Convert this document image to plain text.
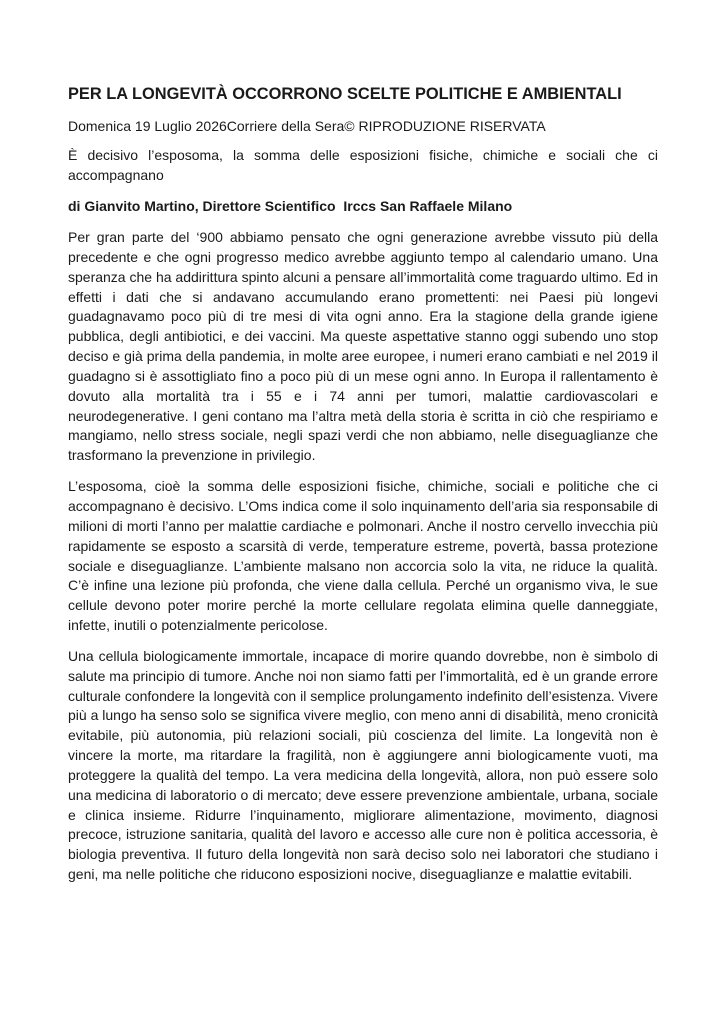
PER LA LONGEVITÀ OCCORRONO SCELTE POLITICHE E AMBIENTALI

Domenica 19 Luglio 2026Corriere della Sera© RIPRODUZIONE RISERVATA

È decisivo l’esposoma, la somma delle esposizioni fisiche, chimiche e sociali che ci accompagnano

di Gianvito Martino, Direttore Scientifico  Irccs San Raffaele Milano

Per gran parte del ‘900 abbiamo pensato che ogni generazione avrebbe vissuto più della precedente e che ogni progresso medico avrebbe aggiunto tempo al calendario umano. Una speranza che ha addirittura spinto alcuni a pensare all’immortalità come traguardo ultimo. Ed in effetti i dati che si andavano accumulando erano promettenti: nei Paesi più longevi guadagnavamo poco più di tre mesi di vita ogni anno. Era la stagione della grande igiene pubblica, degli antibiotici, e dei vaccini. Ma queste aspettative stanno oggi subendo uno stop deciso e già prima della pandemia, in molte aree europee, i numeri erano cambiati e nel 2019 il guadagno si è assottigliato fino a poco più di un mese ogni anno. In Europa il rallentamento è dovuto alla mortalità tra i 55 e i 74 anni per tumori, malattie cardiovascolari e neurodegenerative. I geni contano ma l’altra metà della storia è scritta in ciò che respiriamo e mangiamo, nello stress sociale, negli spazi verdi che non abbiamo, nelle diseguaglianze che trasformano la prevenzione in privilegio.

L’esposoma, cioè la somma delle esposizioni fisiche, chimiche, sociali e politiche che ci accompagnano è decisivo. L’Oms indica come il solo inquinamento dell’aria sia responsabile di milioni di morti l’anno per malattie cardiache e polmonari. Anche il nostro cervello invecchia più rapidamente se esposto a scarsità di verde, temperature estreme, povertà, bassa protezione sociale e diseguaglianze. L’ambiente malsano non accorcia solo la vita, ne riduce la qualità. C’è infine una lezione più profonda, che viene dalla cellula. Perché un organismo viva, le sue cellule devono poter morire perché la morte cellulare regolata elimina quelle danneggiate, infette, inutili o potenzialmente pericolose.

Una cellula biologicamente immortale, incapace di morire quando dovrebbe, non è simbolo di salute ma principio di tumore. Anche noi non siamo fatti per l’immortalità, ed è un grande errore culturale confondere la longevità con il semplice prolungamento indefinito dell’esistenza. Vivere più a lungo ha senso solo se significa vivere meglio, con meno anni di disabilità, meno cronicità evitabile, più autonomia, più relazioni sociali, più coscienza del limite. La longevità non è vincere la morte, ma ritardare la fragilità, non è aggiungere anni biologicamente vuoti, ma proteggere la qualità del tempo. La vera medicina della longevità, allora, non può essere solo una medicina di laboratorio o di mercato; deve essere prevenzione ambientale, urbana, sociale e clinica insieme. Ridurre l’inquinamento, migliorare alimentazione, movimento, diagnosi precoce, istruzione sanitaria, qualità del lavoro e accesso alle cure non è politica accessoria, è biologia preventiva. Il futuro della longevità non sarà deciso solo nei laboratori che studiano i geni, ma nelle politiche che riducono esposizioni nocive, diseguaglianze e malattie evitabili.
